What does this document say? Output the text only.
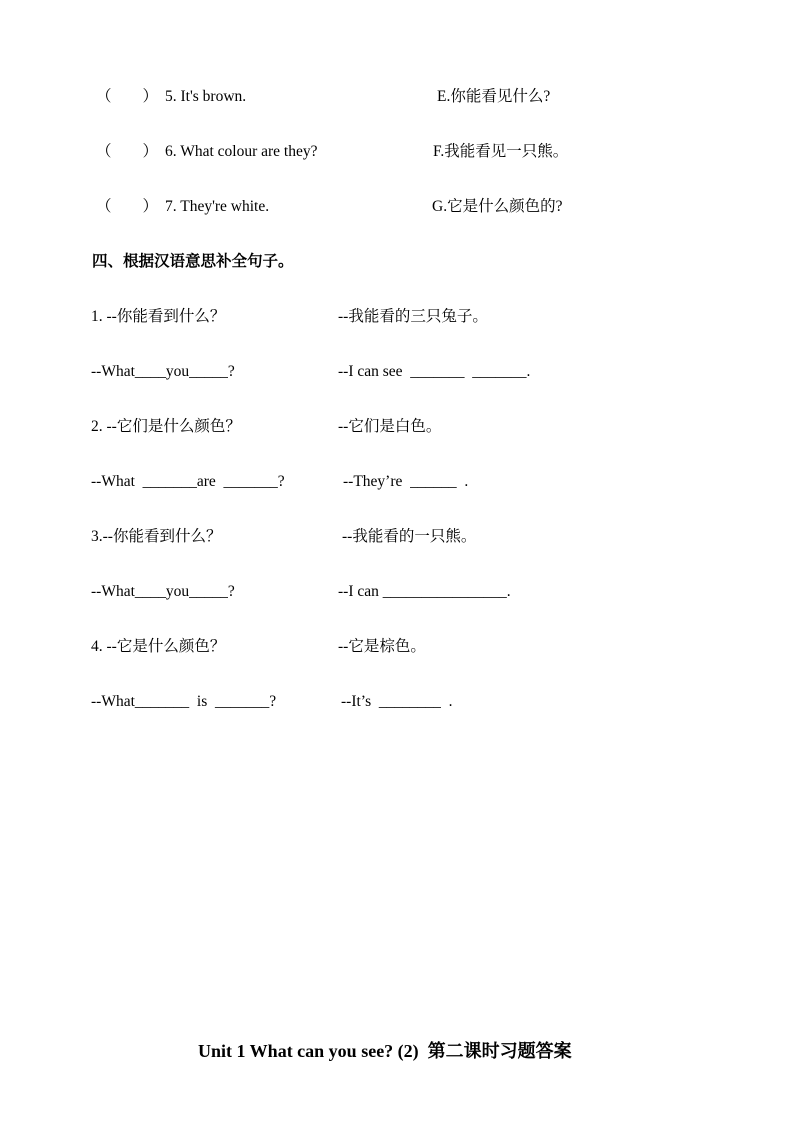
（        ） 5. It's brown.	E.你能看见什么?
（        ） 6. What colour are they?	F.我能看见一只熊。
（        ） 7. They're white.	G.它是什么颜色的?
四、根据汉语意思补全句子。
1. --你能看到什么？	--我能看的三只兔子。
--What____you_____?	--I can see  _______  _______.
2. --它们是什么颜色？	--它们是白色。
--What  _______are  _______?	--They’re  ______  .
3.--你能看到什么？	--我能看的一只熊。
--What____you_____?	--I can ________________.
4. --它是什么颜色？	--它是棕色。
--What_______  is  _______?	--It’s  ________  .
Unit 1 What can you see? (2)  第二课时习题答案
